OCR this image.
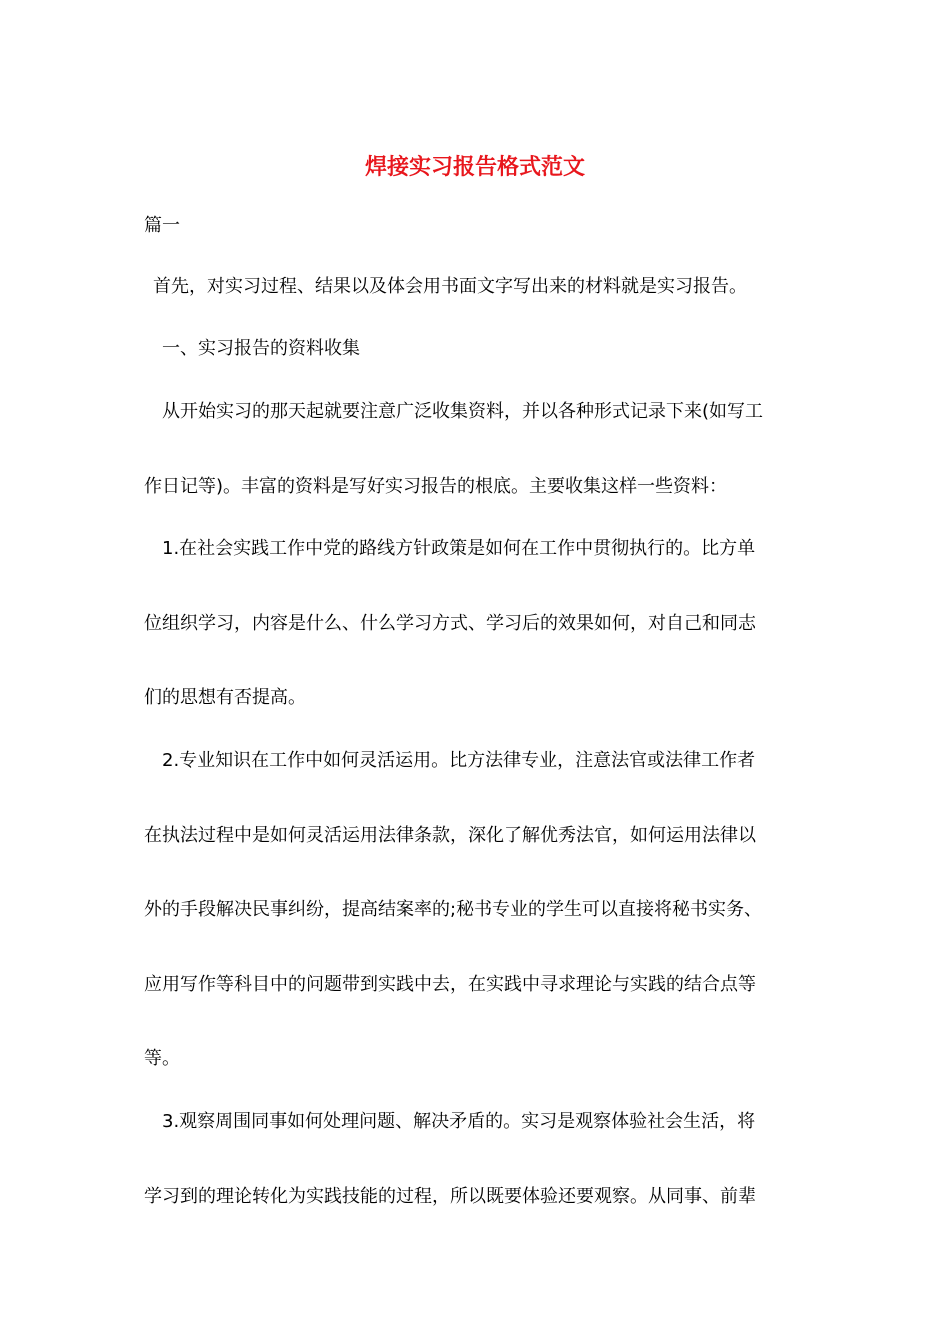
焊接实习报告格式范文
篇一
首先，对实习过程、结果以及体会用书面文字写出来的材料就是实习报告。
一、实习报告的资料收集
从开始实习的那天起就要注意广泛收集资料，并以各种形式记录下来(如写工
作日记等)。丰富的资料是写好实习报告的根底。主要收集这样一些资料：
1.在社会实践工作中党的路线方针政策是如何在工作中贯彻执行的。比方单
位组织学习，内容是什么、什么学习方式、学习后的效果如何，对自己和同志
们的思想有否提高。
2.专业知识在工作中如何灵活运用。比方法律专业，注意法官或法律工作者
在执法过程中是如何灵活运用法律条款，深化了解优秀法官，如何运用法律以
外的手段解决民事纠纷，提高结案率的;秘书专业的学生可以直接将秘书实务、
应用写作等科目中的问题带到实践中去，在实践中寻求理论与实践的结合点等
等。
3.观察周围同事如何处理问题、解决矛盾的。实习是观察体验社会生活，将
学习到的理论转化为实践技能的过程，所以既要体验还要观察。从同事、前辈
